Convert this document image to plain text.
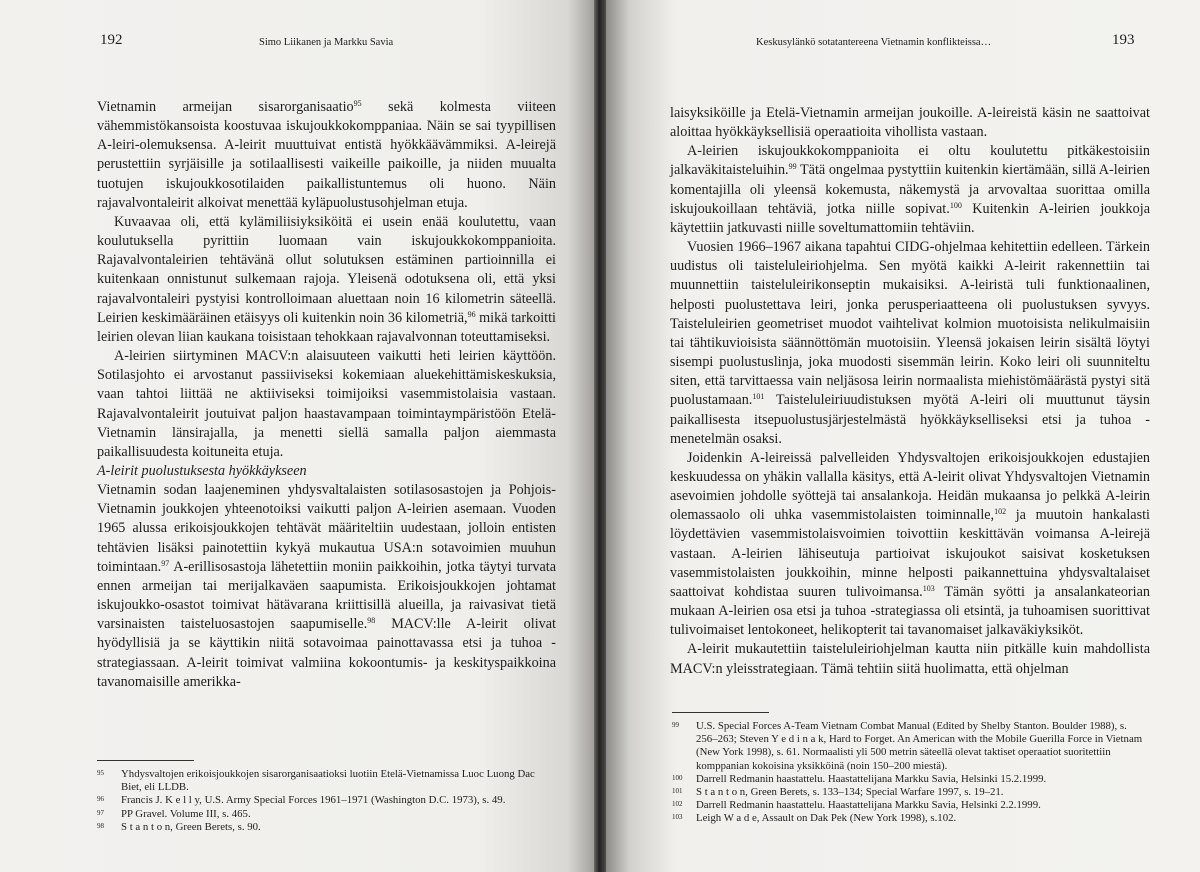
192	Simo Liikanen ja Markku Savia

Vietnamin armeijan sisarorganisaatio$^{95}$ sekä kolmesta viiteen vähemmistökansoista koostuvaa iskujoukkokomppaniaa. Näin se sai tyypillisen A-leiri-olemuksensa. A-leirit muuttuivat entistä hyökkäävämmiksi. A-leirejä perustettiin syrjäisille ja sotilaallisesti vaikeille paikoille, ja niiden muualta tuotujen iskujoukkosotilaiden paikallistuntemus oli huono. Näin rajavalvontaleirit alkoivat menettää kyläpuolustusohjelman etuja.

Kuvaavaa oli, että kylämiliisiyksiköitä ei usein enää koulutettu, vaan koulutuksella pyrittiin luomaan vain iskujoukkokomppanioita. Rajavalvontaleirien tehtävänä ollut solutuksen estäminen partioinnilla ei kuitenkaan onnistunut sulkemaan rajoja. Yleisenä odotuksena oli, että yksi rajavalvontaleiri pystyisi kontrolloimaan aluettaan noin 16 kilometrin säteellä. Leirien keskimääräinen etäisyys oli kuitenkin noin 36 kilometriä,$^{96}$ mikä tarkoitti leirien olevan liian kaukana toisistaan tehokkaan rajavalvonnan toteuttamiseksi.

A-leirien siirtyminen MACV:n alaisuuteen vaikutti heti leirien käyttöön. Sotilasjohto ei arvostanut passiiviseksi kokemiaan aluekehittämiskeskuksia, vaan tahtoi liittää ne aktiiviseksi toimijoiksi vasemmistolaisia vastaan. Rajavalvontaleirit joutuivat paljon haastavampaan toimintaympäristöön Etelä-Vietnamin länsirajalla, ja menetti siellä samalla paljon aiemmasta paikallisuudesta koituneita etuja.

A-leirit puolustuksesta hyökkäykseen

Vietnamin sodan laajeneminen yhdysvaltalaisten sotilasosastojen ja Pohjois-Vietnamin joukkojen yhteenotoiksi vaikutti paljon A-leirien asemaan. Vuoden 1965 alussa erikoisjoukkojen tehtävät määriteltiin uudestaan, jolloin entisten tehtävien lisäksi painotettiin kykyä mukautua USA:n sotavoimien muuhun toimintaan.$^{97}$ A-erillisosastoja lähetettiin moniin paikkoihin, jotka täytyi turvata ennen armeijan tai merijalkaväen saapumista. Erikoisjoukkojen johtamat iskujoukko-osastot toimivat hätävarana kriittisillä alueilla, ja raivasivat tietä varsinaisten taisteluosastojen saapumiselle.$^{98}$ MACV:lle A-leirit olivat hyödyllisiä ja se käyttikin niitä sotavoimaa painottavassa etsi ja tuhoa -strategiassaan. A-leirit toimivat valmiina kokoontumis- ja keskityspaikkoina tavanomaisille amerikka-

95	Yhdysvaltojen erikoisjoukkojen sisarorganisaatioksi luotiin Etelä-Vietnamissa Luoc Luong Dac Biet, eli LLDB.
96	Francis J. K e l l y, U.S. Army Special Forces 1961–1971 (Washington D.C. 1973), s. 49.
97	PP Gravel. Volume III, s. 465.
98	S t a n t o n, Green Berets, s. 90.
Keskusylänkö sotatantereena Vietnamin konflikteissa…	193

laisyksiköille ja Etelä-Vietnamin armeijan joukoille. A-leireistä käsin ne saattoivat aloittaa hyökkäyksellisiä operaatioita vihollista vastaan.

A-leirien iskujoukkokomppanioita ei oltu koulutettu pitkäkestoisiin jalkaväkitaisteluihin.$^{99}$ Tätä ongelmaa pystyttiin kuitenkin kiertämään, sillä A-leirien komentajilla oli yleensä kokemusta, näkemystä ja arvovaltaa suorittaa omilla iskujoukoillaan tehtäviä, jotka niille sopivat.$^{100}$ Kuitenkin A-leirien joukkoja käytettiin jatkuvasti niille soveltumattomiin tehtäviin.

Vuosien 1966–1967 aikana tapahtui CIDG-ohjelmaa kehitettiin edelleen. Tärkein uudistus oli taisteluleiriohjelma. Sen myötä kaikki A-leirit rakennettiin tai muunnettiin taisteluleirikonseptin mukaisiksi. A-leiristä tuli funktionaalinen, helposti puolustettava leiri, jonka perusperiaatteena oli puolustuksen syvyys. Taisteluleirien geometriset muodot vaihtelivat kolmion muotoisista nelikulmaisiin tai tähtikuvioisista säännöttömän muotoisiin. Yleensä jokaisen leirin sisältä löytyi sisempi puolustuslinja, joka muodosti sisemmän leirin. Koko leiri oli suunniteltu siten, että tarvittaessa vain neljäsosa leirin normaalista miehistömäärästä pystyi sitä puolustamaan.$^{101}$ Taisteluleiriuudistuksen myötä A-leiri oli muuttunut täysin paikallisesta itsepuolustusjärjestelmästä hyökkäykselliseksi etsi ja tuhoa -menetelmän osaksi.

Joidenkin A-leireissä palvelleiden Yhdysvaltojen erikoisjoukkojen edustajien keskuudessa on yhäkin vallalla käsitys, että A-leirit olivat Yhdysvaltojen Vietnamin asevoimien johdolle syöttejä tai ansalankoja. Heidän mukaansa jo pelkkä A-leirin olemassaolo oli uhka vasemmistolaisten toiminnalle,$^{102}$ ja muutoin hankalasti löydettävien vasemmistolaisvoimien toivottiin keskittävän voimansa A-leirejä vastaan. A-leirien lähiseutuja partioivat iskujoukot saisivat kosketuksen vasemmistolaisten joukkoihin, minne helposti paikannettuina yhdysvaltalaiset saattoivat kohdistaa suuren tulivoimansa.$^{103}$ Tämän syötti ja ansalankateorian mukaan A-leirien osa etsi ja tuhoa -strategiassa oli etsintä, ja tuhoamisen suorittivat tulivoimaiset lentokoneet, helikopterit tai tavanomaiset jalkaväkiyksiköt.

A-leirit mukautettiin taisteluleiriohjelman kautta niin pitkälle kuin mahdollista MACV:n yleisstrategiaan. Tämä tehtiin siitä huolimatta, että ohjelman

99	U.S. Special Forces A-Team Vietnam Combat Manual (Edited by Shelby Stanton. Boulder 1988), s. 256–263; Steven Y e d i n a k, Hard to Forget. An American with the Mobile Guerilla Force in Vietnam (New York 1998), s. 61. Normaalisti yli 500 metrin säteellä olevat taktiset operaatiot suoritettiin komppanian kokoisina yksikköinä (noin 150–200 miestä).
100	Darrell Redmanin haastattelu. Haastattelijana Markku Savia, Helsinki 15.2.1999.
101	S t a n t o n, Green Berets, s. 133–134; Special Warfare 1997, s. 19–21.
102	Darrell Redmanin haastattelu. Haastattelijana Markku Savia, Helsinki 2.2.1999.
103	Leigh W a d e, Assault on Dak Pek (New York 1998), s.102.
